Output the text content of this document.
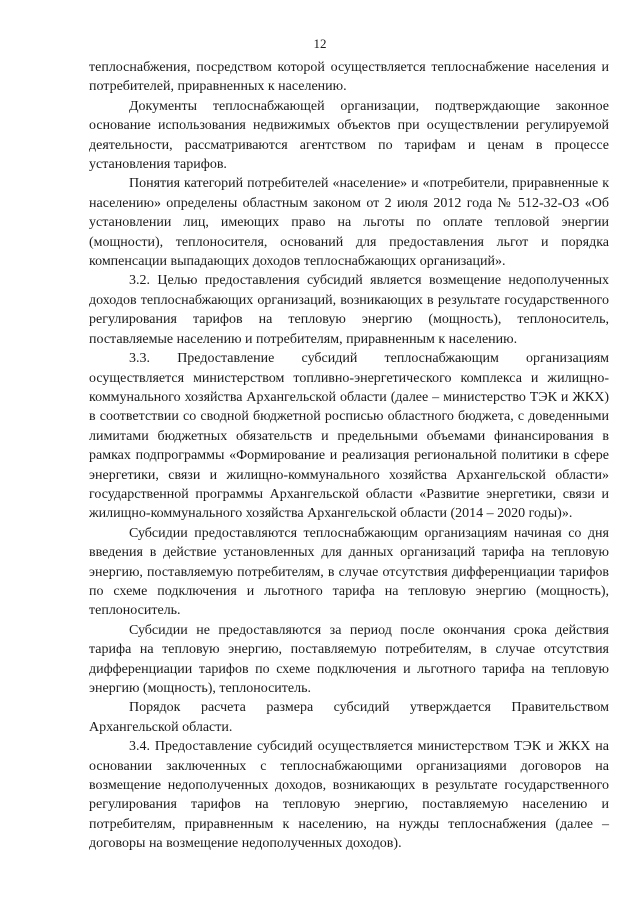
12

теплоснабжения, посредством которой осуществляется теплоснабжение населения и потребителей, приравненных к населению.

Документы теплоснабжающей организации, подтверждающие законное основание использования недвижимых объектов при осуществлении регулируемой деятельности, рассматриваются агентством по тарифам и ценам в процессе установления тарифов.

Понятия категорий потребителей «население» и «потребители, приравненные к населению» определены областным законом от 2 июля 2012 года № 512-32-ОЗ «Об установлении лиц, имеющих право на льготы по оплате тепловой энергии (мощности), теплоносителя, оснований для предоставления льгот и порядка компенсации выпадающих доходов теплоснабжающих организаций».

3.2. Целью предоставления субсидий является возмещение недополученных доходов теплоснабжающих организаций, возникающих в результате государственного регулирования тарифов на тепловую энергию (мощность), теплоноситель, поставляемые населению и потребителям, приравненным к населению.

3.3. Предоставление субсидий теплоснабжающим организациям осуществляется министерством топливно-энергетического комплекса и жилищно-коммунального хозяйства Архангельской области (далее – министерство ТЭК и ЖКХ) в соответствии со сводной бюджетной росписью областного бюджета, с доведенными лимитами бюджетных обязательств и предельными объемами финансирования в рамках подпрограммы «Формирование и реализация региональной политики в сфере энергетики, связи и жилищно-коммунального хозяйства Архангельской области» государственной программы Архангельской области «Развитие энергетики, связи и жилищно-коммунального хозяйства Архангельской области (2014 – 2020 годы)».

Субсидии предоставляются теплоснабжающим организациям начиная со дня введения в действие установленных для данных организаций тарифа на тепловую энергию, поставляемую потребителям, в случае отсутствия дифференциации тарифов по схеме подключения и льготного тарифа на тепловую энергию (мощность), теплоноситель.

Субсидии не предоставляются за период после окончания срока действия тарифа на тепловую энергию, поставляемую потребителям, в случае отсутствия дифференциации тарифов по схеме подключения и льготного тарифа на тепловую энергию (мощность), теплоноситель.

Порядок расчета размера субсидий утверждается Правительством Архангельской области.

3.4. Предоставление субсидий осуществляется министерством ТЭК и ЖКХ на основании заключенных с теплоснабжающими организациями договоров на возмещение недополученных доходов, возникающих в результате государственного регулирования тарифов на тепловую энергию, поставляемую населению и потребителям, приравненным к населению, на нужды теплоснабжения (далее – договоры на возмещение недополученных доходов).
